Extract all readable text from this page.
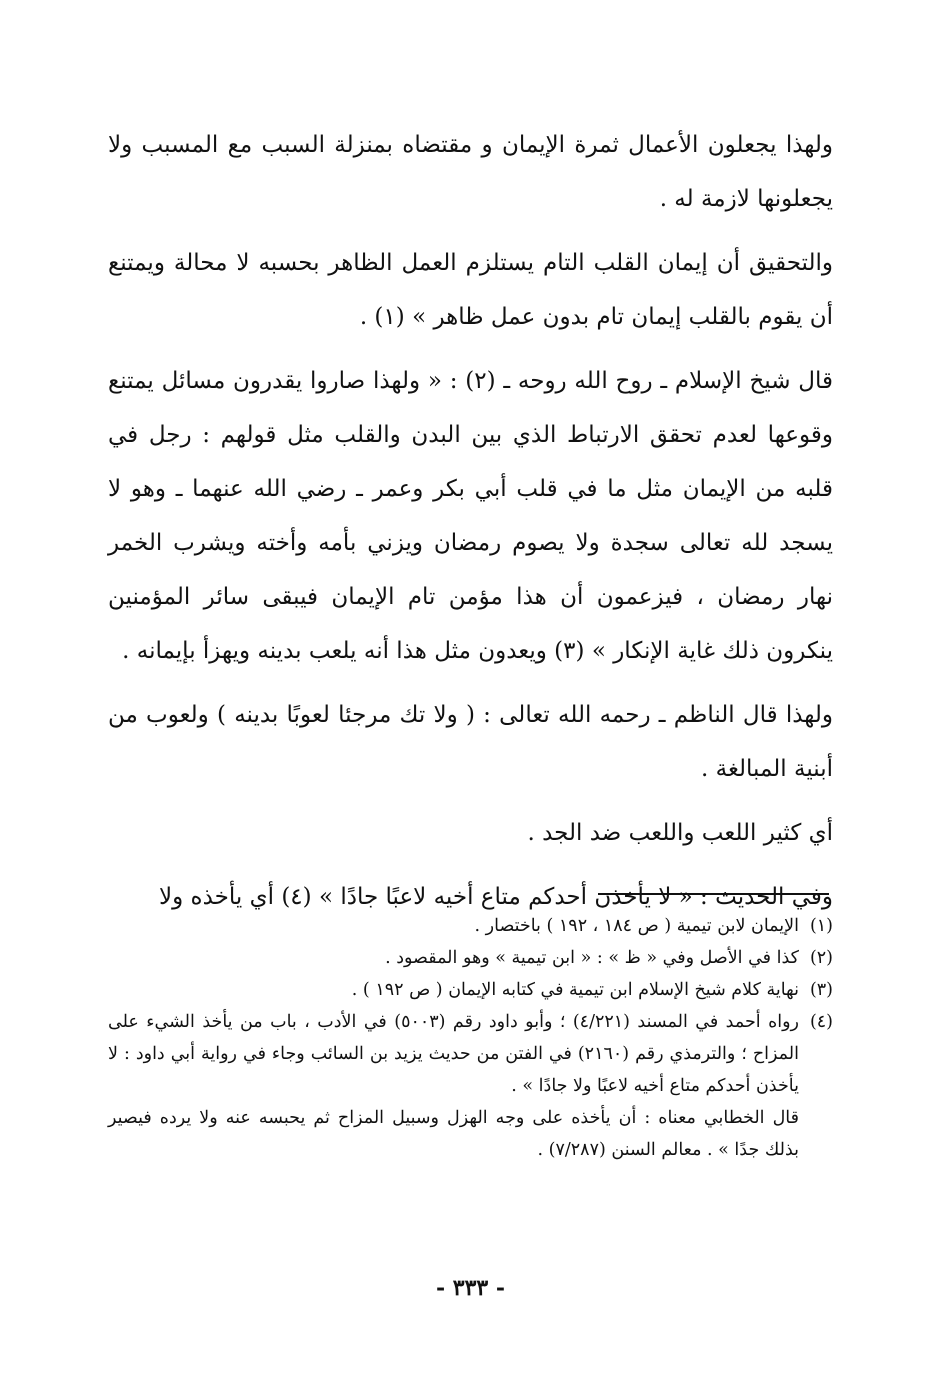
ولهذا يجعلون الأعمال ثمرة الإيمان و مقتضاه بمنزلة السبب مع المسبب ولا يجعلونها لازمة له .

والتحقيق أن إيمان القلب التام يستلزم العمل الظاهر بحسبه لا محالة ويمتنع أن يقوم بالقلب إيمان تام بدون عمل ظاهر » (١) .

قال شيخ الإسلام ـ روح الله روحه ـ (٢) : « ولهذا صاروا يقدرون مسائل يمتنع وقوعها لعدم تحقق الارتباط الذي بين البدن والقلب مثل قولهم : رجل في قلبه من الإيمان مثل ما في قلب أبي بكر وعمر ـ رضي الله عنهما ـ وهو لا يسجد لله تعالى سجدة ولا يصوم رمضان ويزني بأمه وأخته ويشرب الخمر نهار رمضان ، فيزعمون أن هذا مؤمن تام الإيمان فيبقى سائر المؤمنين ينكرون ذلك غاية الإنكار » (٣) ويعدون مثل هذا أنه يلعب بدينه ويهزأ بإيمانه .

ولهذا قال الناظم ـ رحمه الله تعالى : ( ولا تك مرجئا لعوبًا بدينه ) ولعوب من أبنية المبالغة .

أي كثير اللعب واللعب ضد الجد .

وفي الحديث : « لا يأخذن أحدكم متاع أخيه لاعبًا جادًا » (٤) أي يأخذه ولا

(١)
الإيمان لابن تيمية ( ص ١٨٤ ، ١٩٢ ) باختصار .
(٢)
كذا في الأصل وفي « ظ » : « ابن تيمية » وهو المقصود .
(٣)
نهاية كلام شيخ الإسلام ابن تيمية في كتابه الإيمان ( ص ١٩٢ ) .
(٤)
رواه أحمد في المسند (٤/٢٢١) ؛ وأبو داود رقم (٥٠٠٣) في الأدب ، باب من يأخذ الشيء على المزاح ؛ والترمذي رقم (٢١٦٠) في الفتن من حديث يزيد بن السائب وجاء في رواية أبي داود : لا يأخذن أحدكم متاع أخيه لاعبًا ولا جادًا » .
قال الخطابي معناه : أن يأخذه على وجه الهزل وسبيل المزاح ثم يحبسه عنه ولا يرده فيصير بذلك جدًا » . معالم السنن (٧/٢٨٧) .
- ٣٣٣ -
